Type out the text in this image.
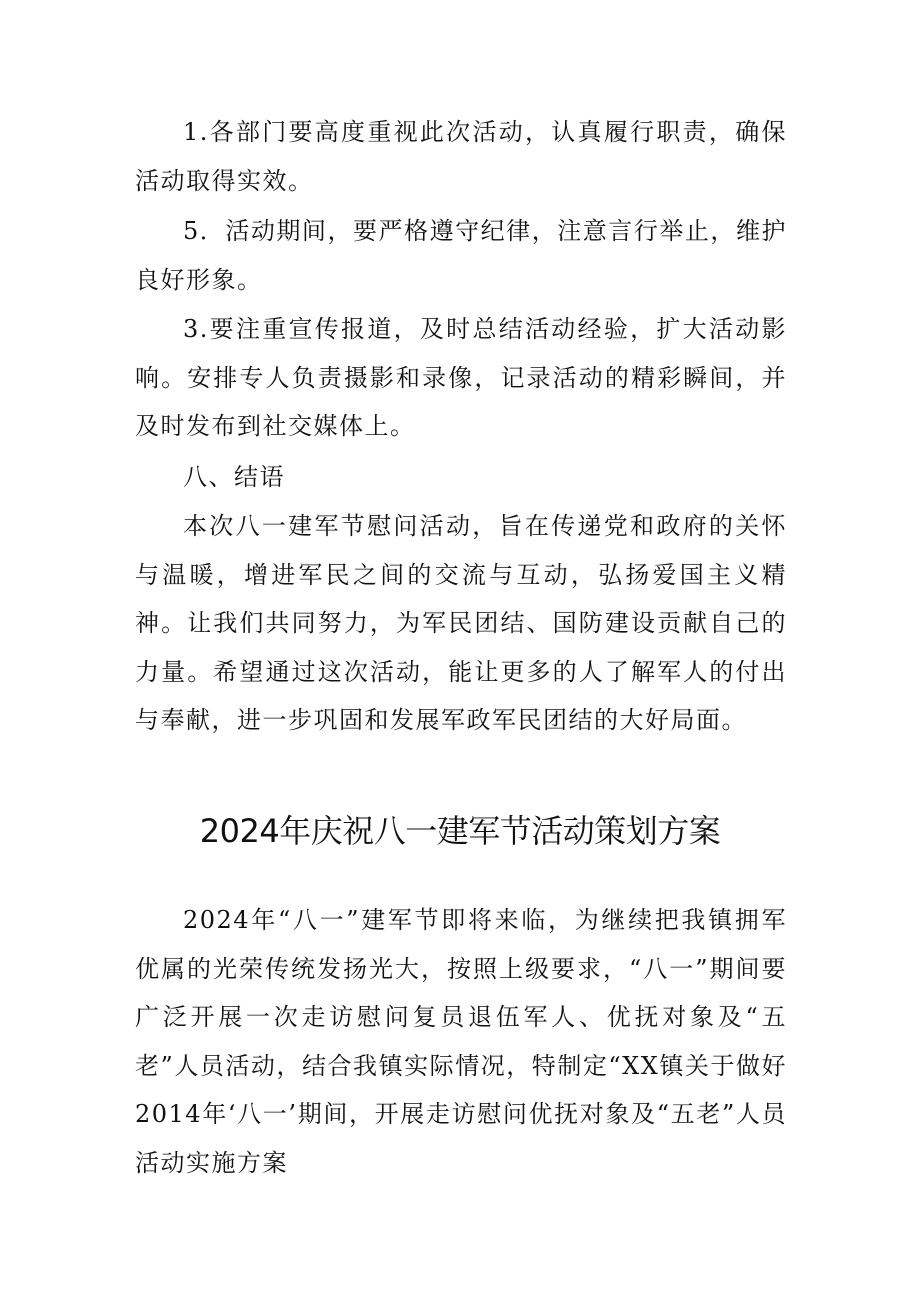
1.各部门要高度重视此次活动，认真履行职责，确保活动取得实效。

5．活动期间，要严格遵守纪律，注意言行举止，维护良好形象。

3.要注重宣传报道，及时总结活动经验，扩大活动影响。安排专人负责摄影和录像，记录活动的精彩瞬间，并及时发布到社交媒体上。

八、结语

本次八一建军节慰问活动，旨在传递党和政府的关怀与温暖，增进军民之间的交流与互动，弘扬爱国主义精神。让我们共同努力，为军民团结、国防建设贡献自己的力量。希望通过这次活动，能让更多的人了解军人的付出与奉献，进一步巩固和发展军政军民团结的大好局面。

2024年庆祝八一建军节活动策划方案

2024年“八一”建军节即将来临，为继续把我镇拥军优属的光荣传统发扬光大，按照上级要求，“八一”期间要广泛开展一次走访慰问复员退伍军人、优抚对象及“五老”人员活动，结合我镇实际情况，特制定“XX镇关于做好2014年‘八一’期间，开展走访慰问优抚对象及“五老”人员活动实施方案
